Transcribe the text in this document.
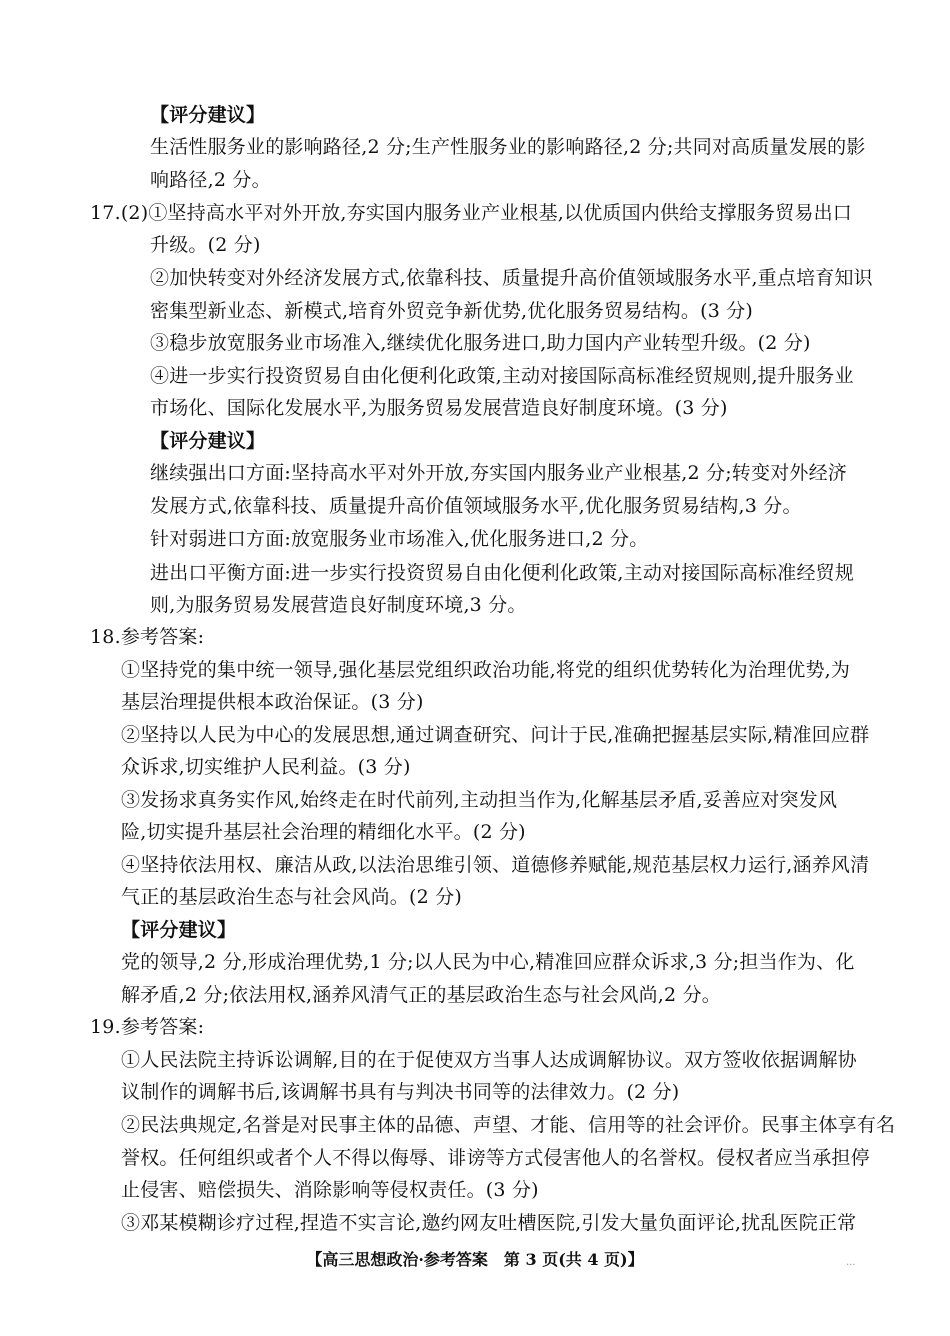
【评分建议】
生活性服务业的影响路径,2 分;生产性服务业的影响路径,2 分;共同对高质量发展的影
响路径,2 分。
17.(2)①坚持高水平对外开放,夯实国内服务业产业根基,以优质国内供给支撑服务贸易出口
升级。(2 分)
②加快转变对外经济发展方式,依靠科技、质量提升高价值领域服务水平,重点培育知识
密集型新业态、新模式,培育外贸竞争新优势,优化服务贸易结构。(3 分)
③稳步放宽服务业市场准入,继续优化服务进口,助力国内产业转型升级。(2 分)
④进一步实行投资贸易自由化便利化政策,主动对接国际高标准经贸规则,提升服务业
市场化、国际化发展水平,为服务贸易发展营造良好制度环境。(3 分)
【评分建议】
继续强出口方面:坚持高水平对外开放,夯实国内服务业产业根基,2 分;转变对外经济
发展方式,依靠科技、质量提升高价值领域服务水平,优化服务贸易结构,3 分。
针对弱进口方面:放宽服务业市场准入,优化服务进口,2 分。
进出口平衡方面:进一步实行投资贸易自由化便利化政策,主动对接国际高标准经贸规
则,为服务贸易发展营造良好制度环境,3 分。
18.参考答案:
①坚持党的集中统一领导,强化基层党组织政治功能,将党的组织优势转化为治理优势,为
基层治理提供根本政治保证。(3 分)
②坚持以人民为中心的发展思想,通过调查研究、问计于民,准确把握基层实际,精准回应群
众诉求,切实维护人民利益。(3 分)
③发扬求真务实作风,始终走在时代前列,主动担当作为,化解基层矛盾,妥善应对突发风
险,切实提升基层社会治理的精细化水平。(2 分)
④坚持依法用权、廉洁从政,以法治思维引领、道德修养赋能,规范基层权力运行,涵养风清
气正的基层政治生态与社会风尚。(2 分)
【评分建议】
党的领导,2 分,形成治理优势,1 分;以人民为中心,精准回应群众诉求,3 分;担当作为、化
解矛盾,2 分;依法用权,涵养风清气正的基层政治生态与社会风尚,2 分。
19.参考答案:
①人民法院主持诉讼调解,目的在于促使双方当事人达成调解协议。双方签收依据调解协
议制作的调解书后,该调解书具有与判决书同等的法律效力。(2 分)
②民法典规定,名誉是对民事主体的品德、声望、才能、信用等的社会评价。民事主体享有名
誉权。任何组织或者个人不得以侮辱、诽谤等方式侵害他人的名誉权。侵权者应当承担停
止侵害、赔偿损失、消除影响等侵权责任。(3 分)
③邓某模糊诊疗过程,捏造不实言论,邀约网友吐槽医院,引发大量负面评论,扰乱医院正常
【高三思想政治·参考答案　第 3 页(共 4 页)】	...
